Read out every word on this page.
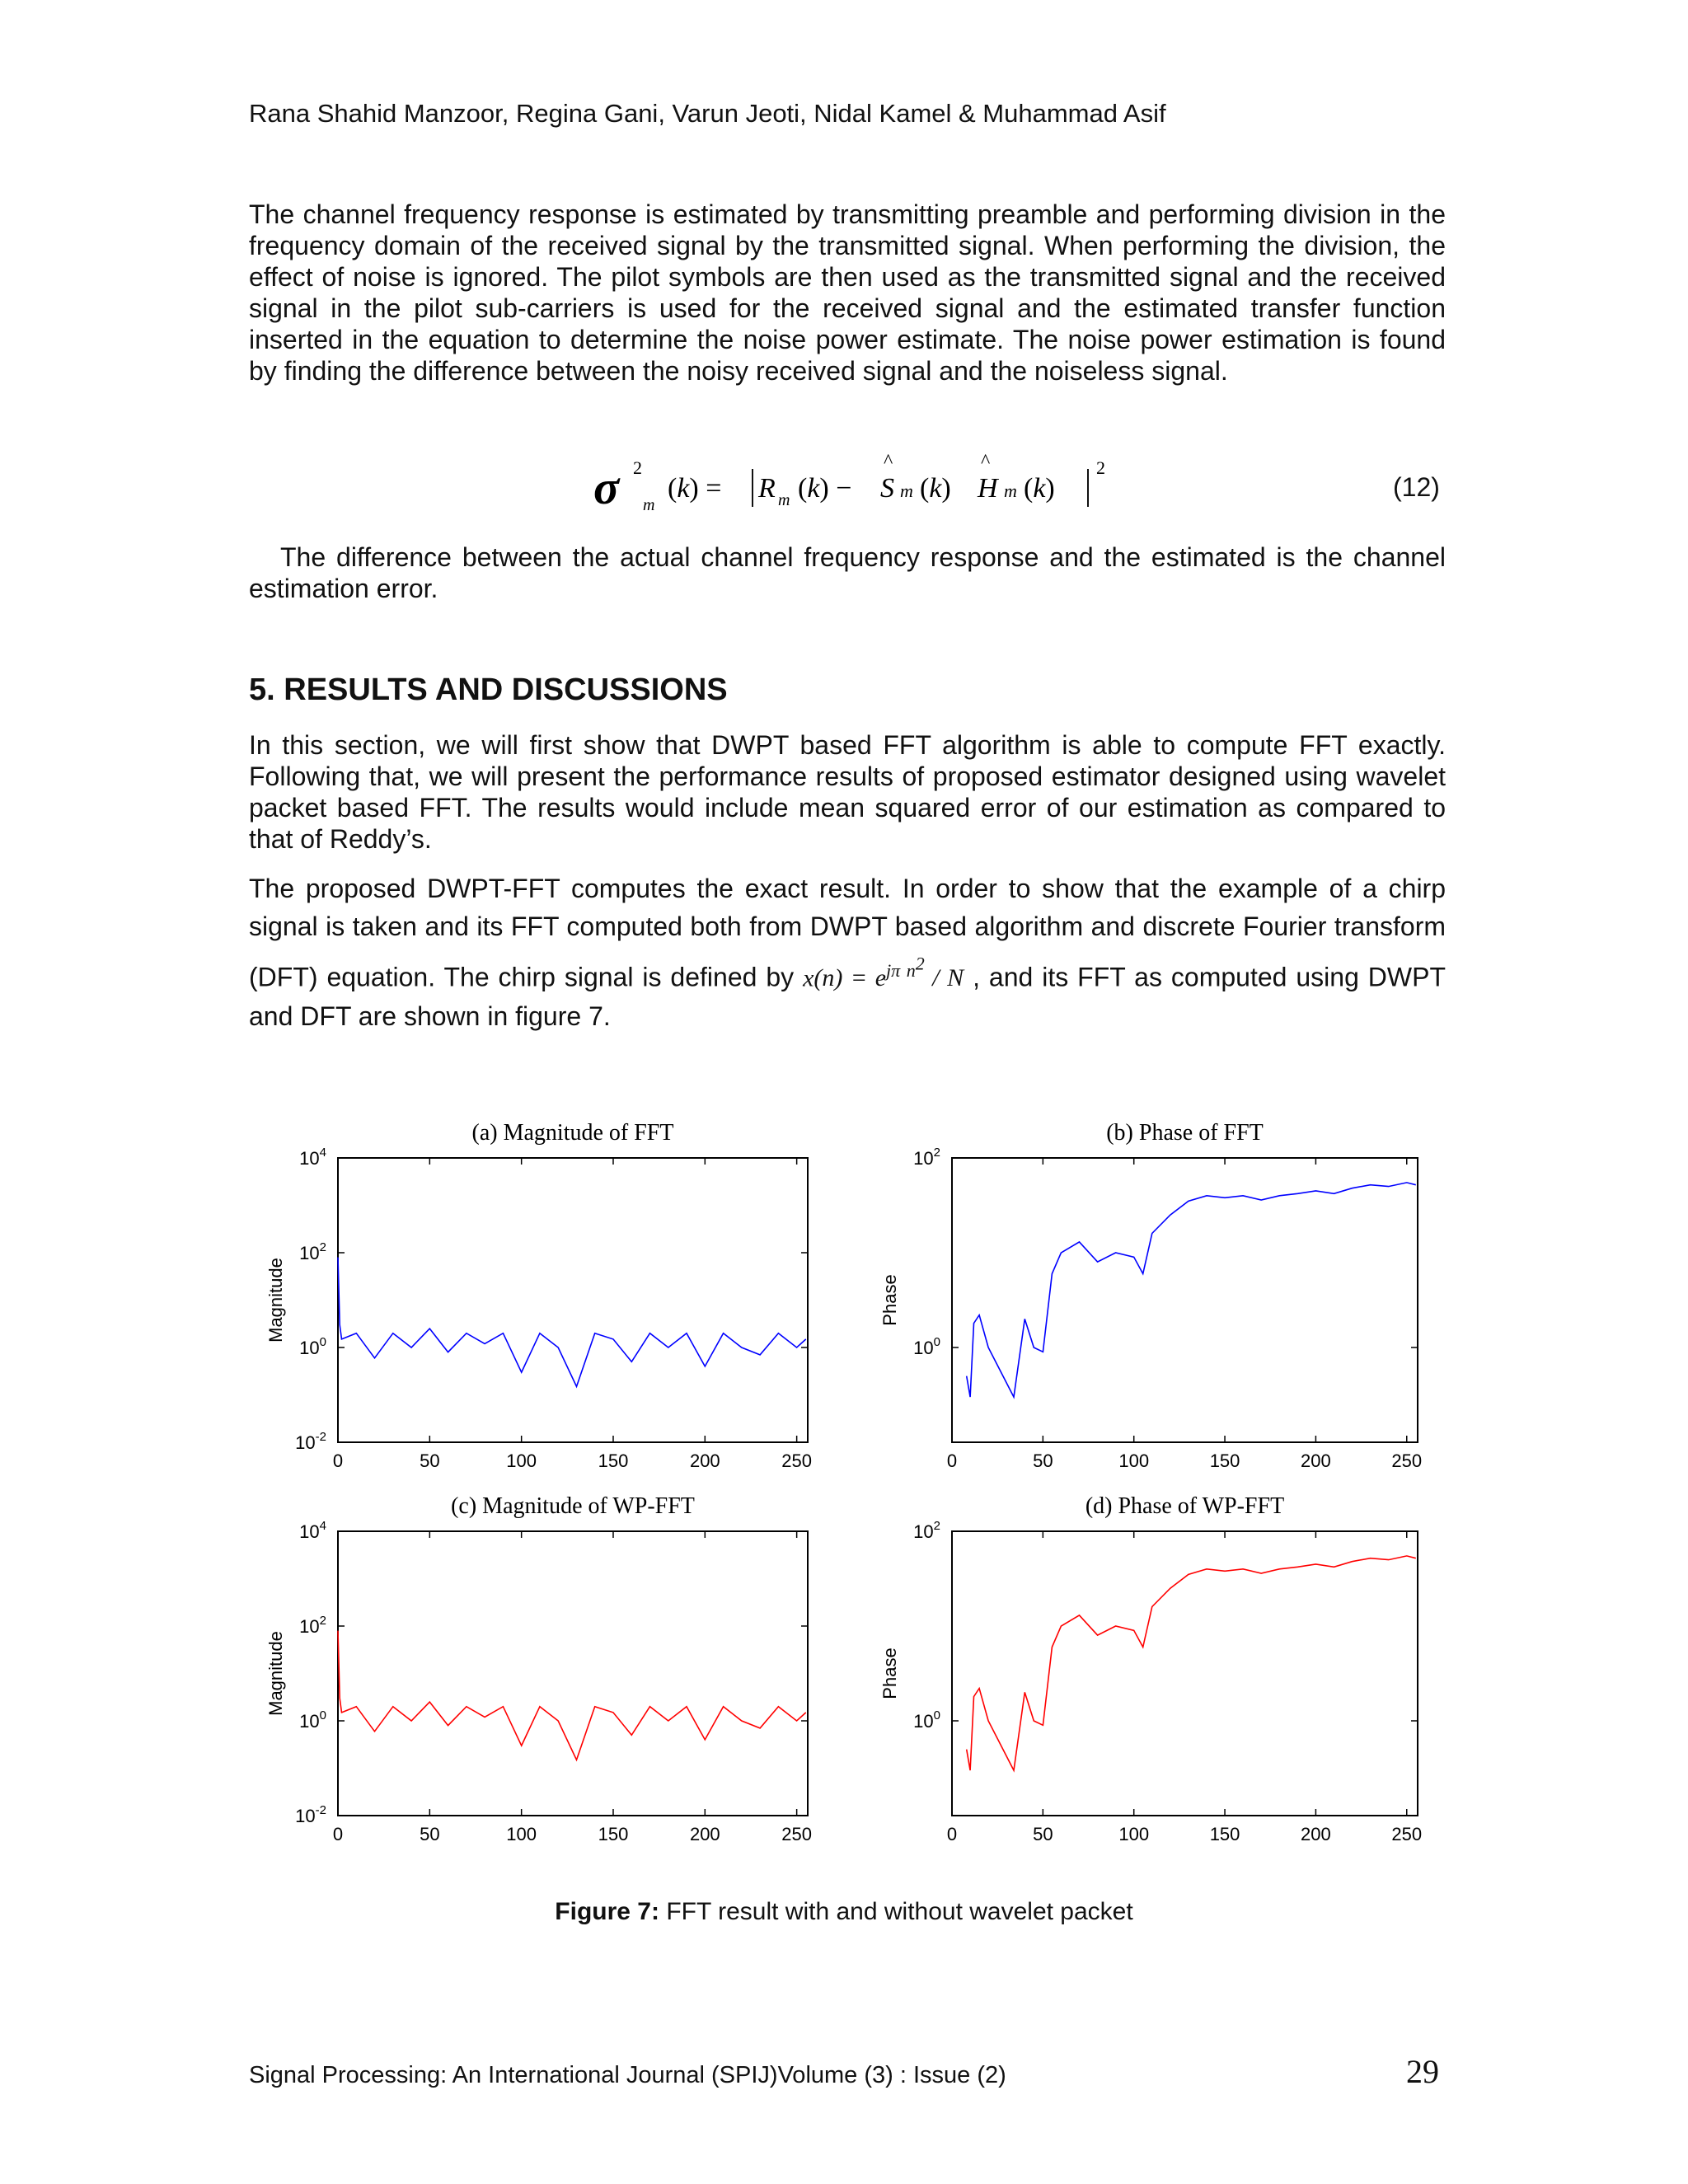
Rana Shahid Manzoor, Regina Gani, Varun Jeoti, Nidal Kamel & Muhammad Asif

The channel frequency response is estimated by transmitting preamble and performing division in the frequency domain of the received signal by the transmitted signal. When performing the division, the effect of noise is ignored. The pilot symbols are then used as the transmitted signal and the received signal in the pilot sub-carriers is used for the received signal and the estimated transfer function inserted in the equation to determine the noise power estimate. The noise power estimation is found by finding the difference between the noisy received signal and the noiseless signal.

σ 2
m
(k) = R m (k) −
^
S m (k)
^
H m (k)
2
(12)

The difference between the actual channel frequency response and the estimated is the channel estimation error.

5. RESULTS AND DISCUSSIONS

In this section, we will first show that DWPT based FFT algorithm is able to compute FFT exactly. Following that, we will present the performance results of proposed estimator designed using wavelet packet based FFT. The results would include mean squared error of our estimation as compared to that of Reddy’s.

The proposed DWPT-FFT computes the exact result. In order to show that the example of a chirp signal is taken and its FFT computed both from DWPT based algorithm and discrete Fourier transform (DFT) equation. The chirp signal is defined by $x(n) = e^{j\pi n^2} / N$ , and its FFT as computed using DWPT and DFT are shown in figure 7.

(a) Magnitude of FFT
Magnitude
0	50	100	150	200	250
$10^{-2}$
$10^0$
$10^2$
$10^4$
(b) Phase of FFT
Phase
0	50	100	150	200	250
$10^0$
$10^2$
(c) Magnitude of WP-FFT
Magnitude
0	50	100	150	200	250
$10^{-2}$
$10^0$
$10^2$
$10^4$
(d) Phase of WP-FFT
Phase
0	50	100	150	200	250
$10^0$
$10^2$
Figure 7: FFT result with and without wavelet packet
Signal Processing: An International Journal (SPIJ)Volume (3) : Issue (2)	29
